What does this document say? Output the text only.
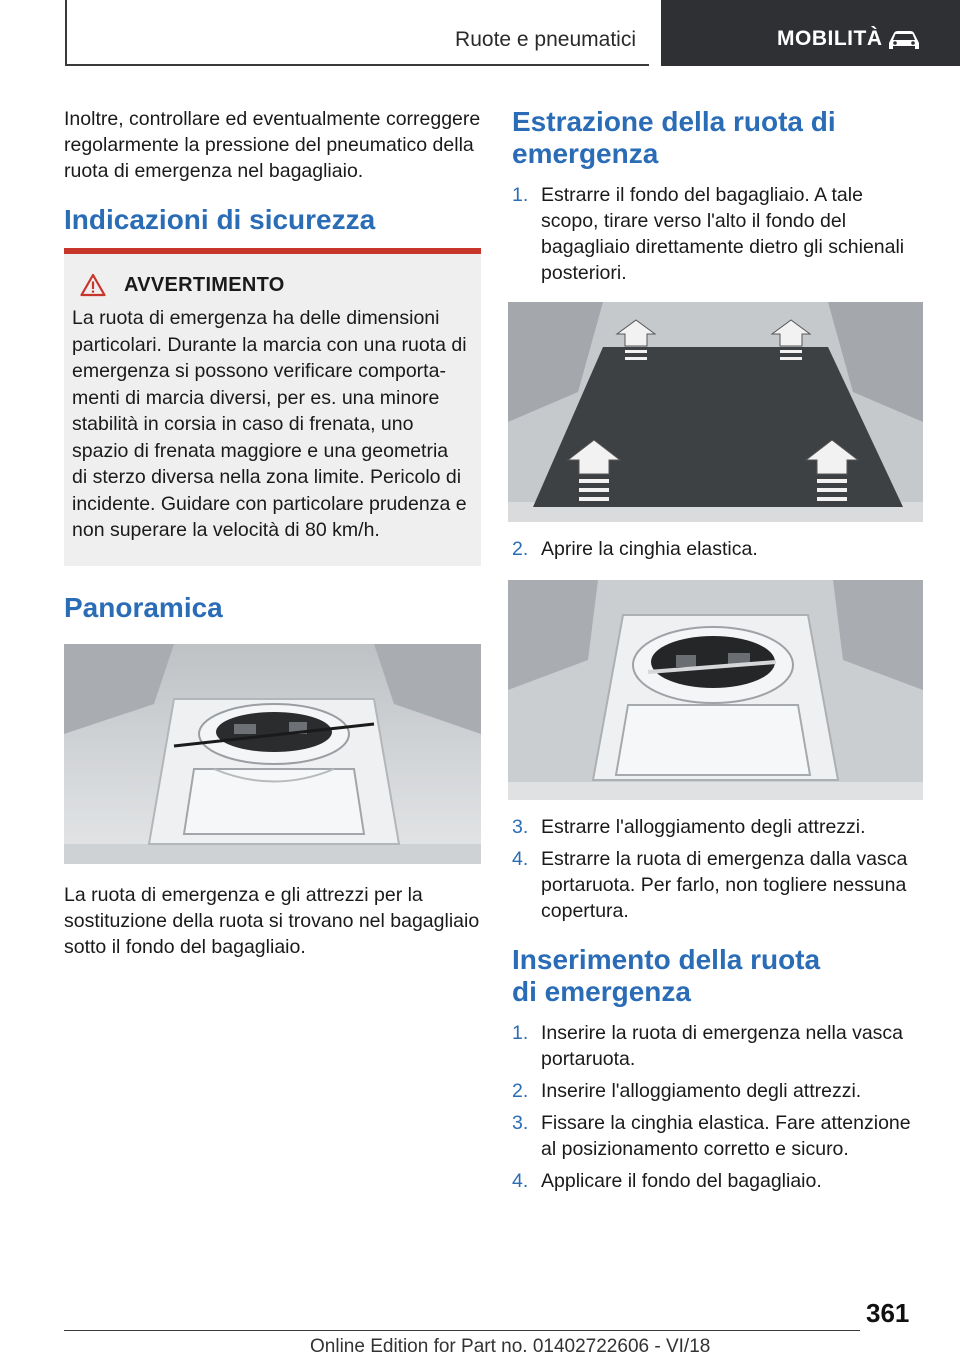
Ruote e pneumatici	MOBILITÀ

Inoltre, controllare ed eventualmente correggere regolarmente la pressione del pneumatico della ruota di emergenza nel bagagliaio.

Indicazioni di sicurezza
AVVERTIMENTO

La ruota di emergenza ha delle dimensioni particolari. Durante la marcia con una ruota di emergenza si possono verificare comportamenti di marcia diversi, per es. una minore stabilità in corsia in caso di frenata, uno spazio di frenata maggiore e una geometria di sterzo diversa nella zona limite. Pericolo di incidente. Guidare con particolare prudenza e non superare la velocità di 80 km/h.

Panoramica

La ruota di emergenza e gli attrezzi per la sostituzione della ruota si trovano nel bagagliaio sotto il fondo del bagagliaio.

Estrazione della ruota di emergenza
1. Estrarre il fondo del bagagliaio. A tale scopo, tirare verso l'alto il fondo del bagagliaio direttamente dietro gli schienali posteriori.
2. Aprire la cinghia elastica.
3. Estrarre l'alloggiamento degli attrezzi.
4. Estrarre la ruota di emergenza dalla vasca portaruota. Per farlo, non togliere nessuna copertura.
Inserimento della ruota di emergenza
1. Inserire la ruota di emergenza nella vasca portaruota.
2. Inserire l'alloggiamento degli attrezzi.
3. Fissare la cinghia elastica. Fare attenzione al posizionamento corretto e sicuro.
4. Applicare il fondo del bagagliaio.
361
Online Edition for Part no. 01402722606 - VI/18
